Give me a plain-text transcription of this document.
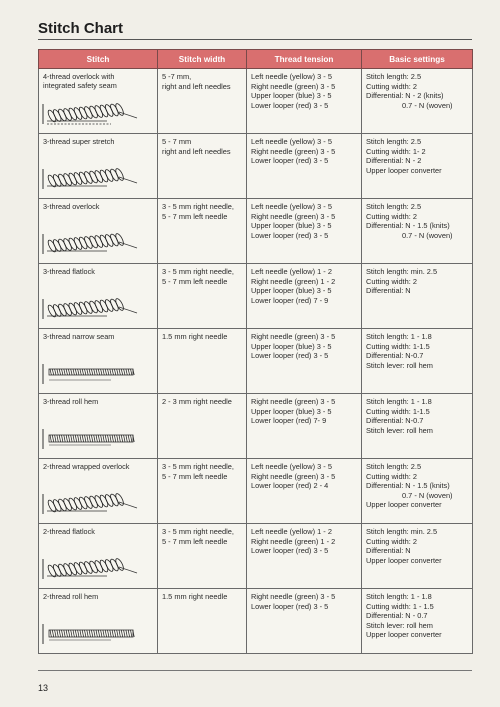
Stitch Chart
Stitch	Stitch width	Thread tension	Basic settings

4-thread overlock with
integrated safety seam	5 -7 mm,
right and left needles	Left needle (yellow) 3 - 5
Right needle (green) 3 - 5
Upper looper (blue) 3 - 5
Lower looper (red) 3 - 5	Stitch length: 2.5
Cutting width: 2
Differential: N - 2 (knits)
0.7 - N (woven)

3-thread super stretch	5 - 7 mm
right and left needles	Left needle (yellow) 3 - 5
Right needle (green) 3 - 5
Lower looper (red) 3 - 5	Stitch length: 2.5
Cutting width: 1- 2
Differential: N - 2
Upper looper converter

3-thread overlock	3 - 5 mm right needle,
5 - 7 mm left needle	Left needle (yellow) 3 - 5
Right needle (green) 3 - 5
Upper looper (blue) 3 - 5
Lower looper (red) 3 - 5	Stitch length: 2.5
Cutting width: 2
Differential: N - 1.5 (knits)
0.7 - N (woven)

3-thread flatlock	3 - 5 mm right needle,
5 - 7 mm left needle	Left needle (yellow) 1 - 2
Right needle (green) 1 - 2
Upper looper (blue) 3 - 5
Lower looper (red) 7 - 9	Stitch length: min. 2.5
Cutting width: 2
Differential: N

3-thread narrow seam	1.5 mm right needle	Right needle (green) 3 - 5
Upper looper (blue) 3 - 5
Lower looper (red) 3 - 5	Stitch length: 1 - 1.8
Cutting width: 1-1.5
Differential: N-0.7
Stitch lever: roll hem

3-thread roll hem	2 - 3 mm right needle	Right needle (green) 3 - 5
Upper looper (blue) 3 - 5
Lower looper (red) 7- 9	Stitch length: 1 - 1.8
Cutting width: 1-1.5
Differential: N-0.7
Stitch lever: roll hem

2-thread wrapped overlock	3 - 5 mm right needle,
5 - 7 mm left needle	Left needle (yellow) 3 - 5
Right needle (green) 3 - 5
Lower looper (red) 2 - 4	Stitch length: 2.5
Cutting width: 2
Differential: N - 1.5 (knits)
0.7 - N (woven)
Upper looper converter

2-thread flatlock	3 - 5 mm right needle,
5 - 7 mm left needle	Left needle (yellow) 1 - 2
Right needle (green) 1 - 2
Lower looper (red) 3 - 5	Stitch length: min. 2.5
Cutting width: 2
Differential: N
Upper looper converter

2-thread roll hem	1.5 mm right needle	Right needle (green) 3 - 5
Lower looper (red) 3 - 5	Stitch length: 1 - 1.8
Cutting width: 1 - 1.5
Differential: N - 0.7
Stitch lever: roll hem
Upper looper converter
13
